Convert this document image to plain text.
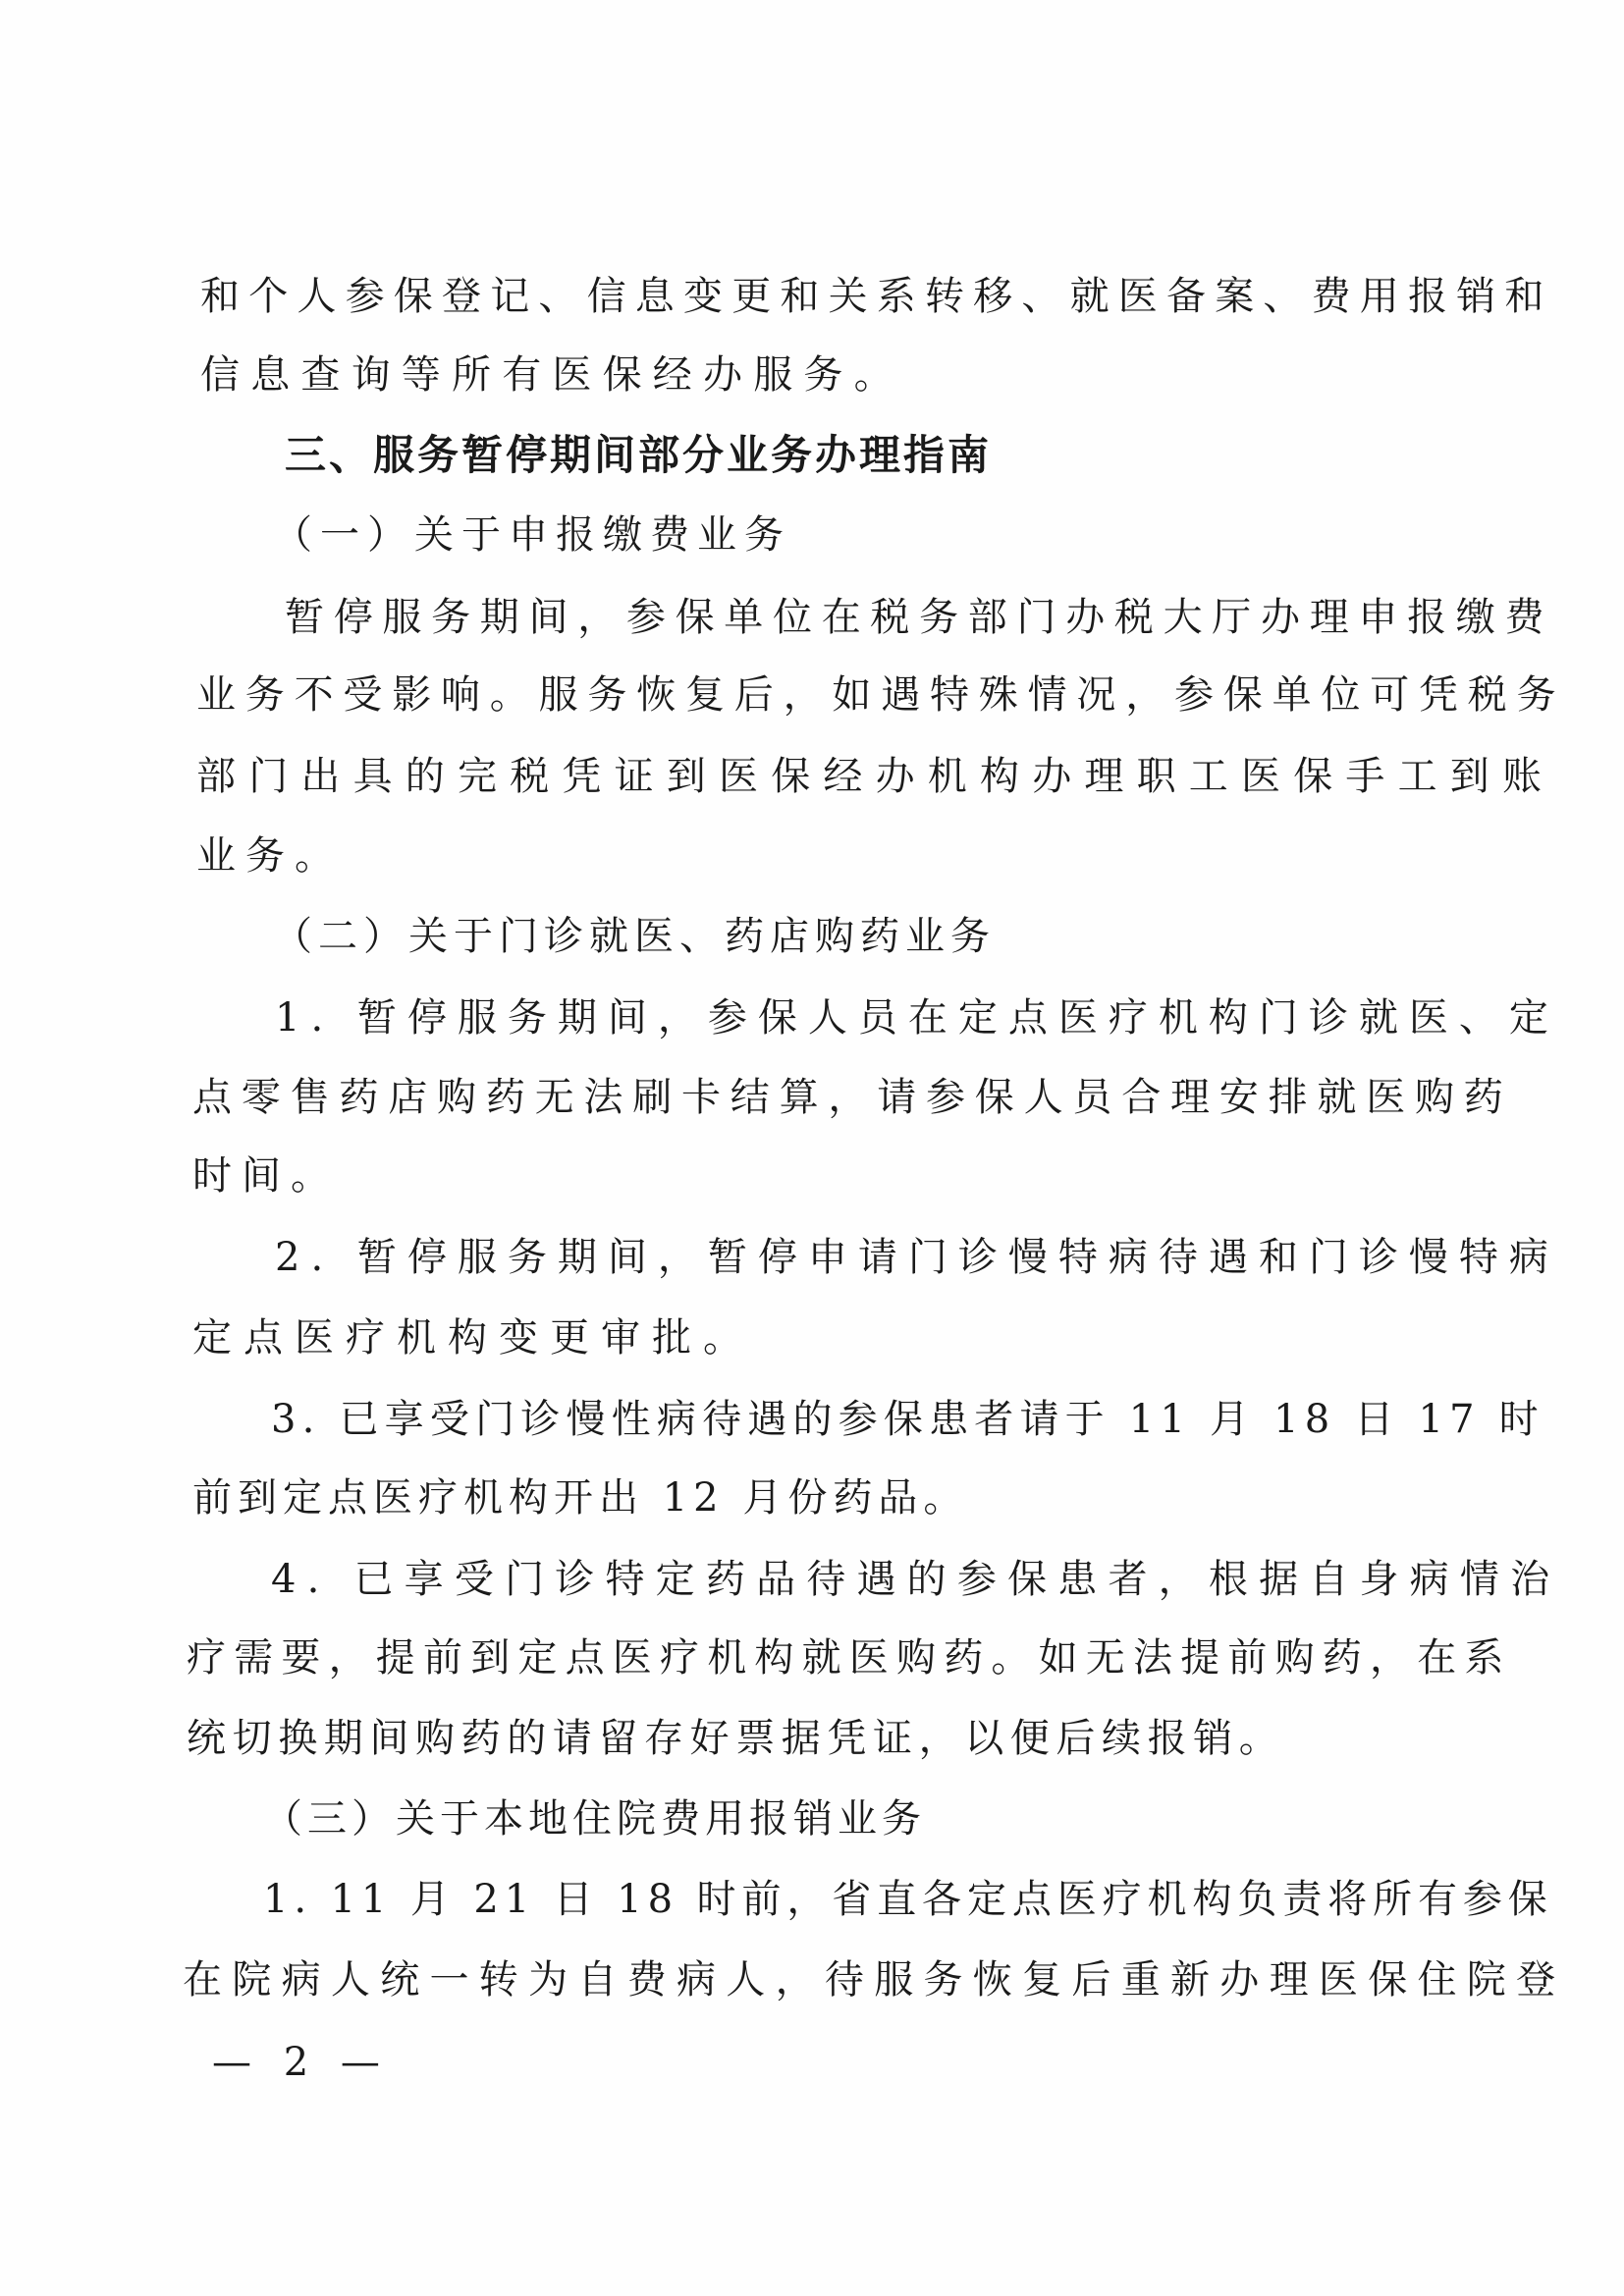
和个人参保登记、信息变更和关系转移、就医备案、费用报销和
信息查询等所有医保经办服务。
三、服务暂停期间部分业务办理指南
（一）关于申报缴费业务
暂停服务期间，参保单位在税务部门办税大厅办理申报缴费
业务不受影响。服务恢复后，如遇特殊情况，参保单位可凭税务
部门出具的完税凭证到医保经办机构办理职工医保手工到账
业务。
（二）关于门诊就医、药店购药业务
1. 暂停服务期间，参保人员在定点医疗机构门诊就医、定
点零售药店购药无法刷卡结算，请参保人员合理安排就医购药
时间。
2. 暂停服务期间，暂停申请门诊慢特病待遇和门诊慢特病
定点医疗机构变更审批。
3. 已享受门诊慢性病待遇的参保患者请于 11 月 18 日 17 时
前到定点医疗机构开出 12 月份药品。
4. 已享受门诊特定药品待遇的参保患者，根据自身病情治
疗需要，提前到定点医疗机构就医购药。如无法提前购药，在系
统切换期间购药的请留存好票据凭证，以便后续报销。
（三）关于本地住院费用报销业务
1. 11 月 21 日 18 时前，省直各定点医疗机构负责将所有参保
在院病人统一转为自费病人，待服务恢复后重新办理医保住院登
— 2 —
